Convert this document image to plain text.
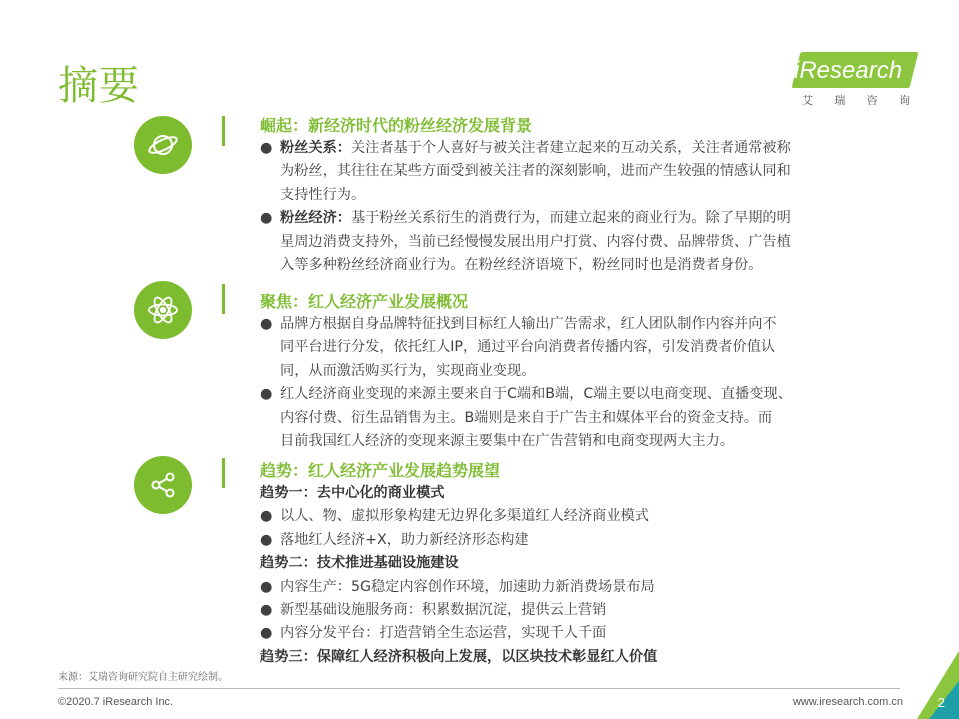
摘要	iResearch
艾 瑞 咨 询
崛起：新经济时代的粉丝经济发展背景
● 粉丝关系：关注者基于个人喜好与被关注者建立起来的互动关系，关注者通常被称
为粉丝，其往往在某些方面受到被关注者的深刻影响，进而产生较强的情感认同和
支持性行为。
● 粉丝经济：基于粉丝关系衍生的消费行为，而建立起来的商业行为。除了早期的明
星周边消费支持外，当前已经慢慢发展出用户打赏、内容付费、品牌带货、广告植
入等多种粉丝经济商业行为。在粉丝经济语境下，粉丝同时也是消费者身份。
聚焦：红人经济产业发展概况
● 品牌方根据自身品牌特征找到目标红人输出广告需求，红人团队制作内容并向不
同平台进行分发，依托红人IP，通过平台向消费者传播内容，引发消费者价值认
同，从而激活购买行为，实现商业变现。
● 红人经济商业变现的来源主要来自于C端和B端，C端主要以电商变现、直播变现、
内容付费、衍生品销售为主。B端则是来自于广告主和媒体平台的资金支持。而
目前我国红人经济的变现来源主要集中在广告营销和电商变现两大主力。
趋势：红人经济产业发展趋势展望
趋势一：去中心化的商业模式
● 以人、物、虚拟形象构建无边界化多渠道红人经济商业模式
● 落地红人经济+X，助力新经济形态构建
趋势二：技术推进基础设施建设
● 内容生产：5G稳定内容创作环境，加速助力新消费场景布局
● 新型基础设施服务商：积累数据沉淀，提供云上营销
● 内容分发平台：打造营销全生态运营，实现千人千面
趋势三：保障红人经济积极向上发展，以区块技术彰显红人价值
来源：艾瑞咨询研究院自主研究绘制。
©2020.7 iResearch Inc.	www.iresearch.com.cn	2
